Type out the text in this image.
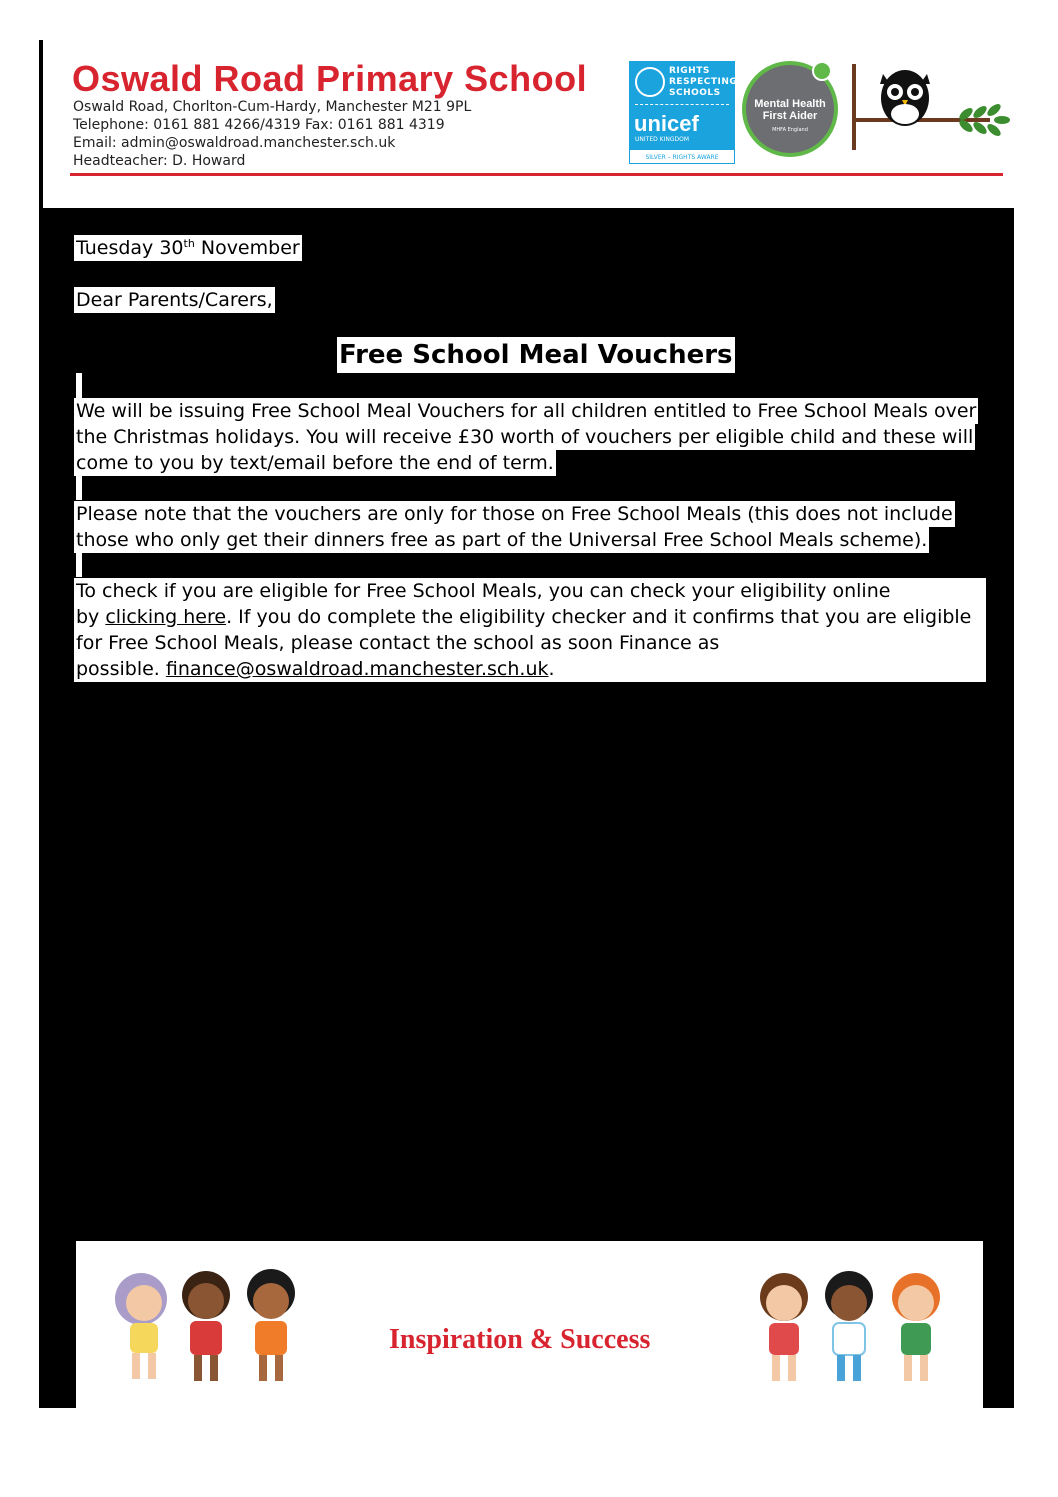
Oswald Road Primary School
Oswald Road, Chorlton-Cum-Hardy, Manchester M21 9PL
Telephone: 0161 881 4266/4319 Fax: 0161 881 4319
Email: admin@oswaldroad.manchester.sch.uk
Headteacher: D. Howard
RIGHTS
RESPECTING
SCHOOLS
unicef
UNITED KINGDOM
SILVER – RIGHTS AWARE
Mental Health
First Aider
MHFA England
Tuesday 30th November
Dear Parents/Carers,
Free School Meal Vouchers
We will be issuing Free School Meal Vouchers for all children entitled to Free School Meals over
the Christmas holidays. You will receive £30 worth of vouchers per eligible child and these will
come to you by text/email before the end of term.
Please note that the vouchers are only for those on Free School Meals (this does not include
those who only get their dinners free as part of the Universal Free School Meals scheme).
To check if you are eligible for Free School Meals, you can check your eligibility online
by clicking here. If you do complete the eligibility checker and it confirms that you are eligible
for Free School Meals, please contact the school as soon Finance as
possible. finance@oswaldroad.manchester.sch.uk.
Inspiration & Success
